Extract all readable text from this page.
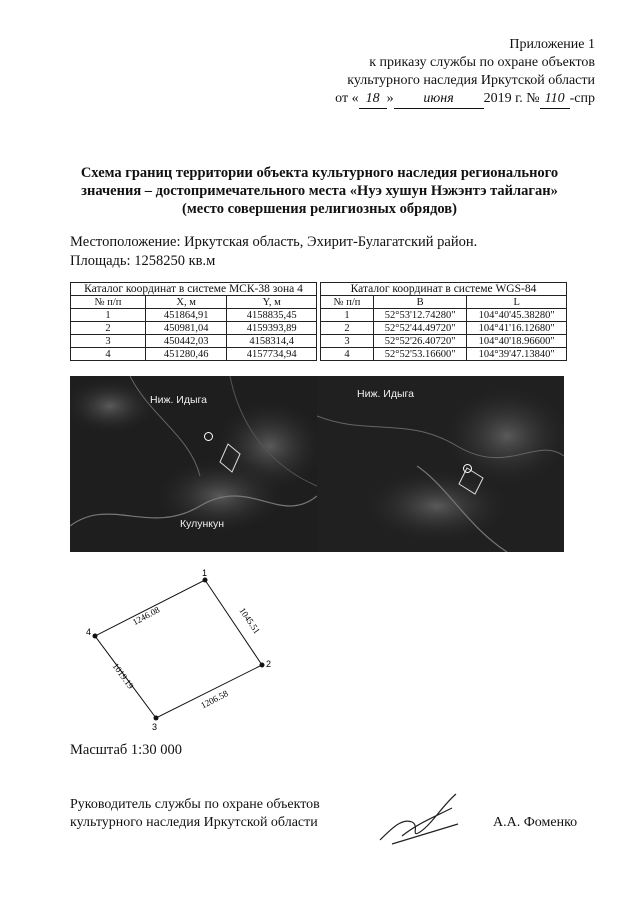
Приложение 1
к приказу службы по охране объектов
культурного наследия Иркутской области
от « 18 » июня 2019 г. № 110 -спр
Схема границ территории объекта культурного наследия регионального
значения – достопримечательного места «Нуэ хушун Нэжэнтэ тайлаган»
(место совершения религиозных обрядов)
Местоположение: Иркутская область, Эхирит-Булагатский район.
Площадь: 1258250 кв.м
Каталог координат в системе МСК-38 зона 4		
№ п/п	X, м	Y, м
1	451864,91	4158835,45
2	450981,04	4159393,89
3	450442,03	4158314,4
4	451280,46	4157734,94
Каталог координат в системе WGS-84		
№ п/п	B	L
1	52°53'12.74280"	104°40'45.38280"
2	52°52'44.49720"	104°41'16.12680"
3	52°52'26.40720"	104°40'18.96600"
4	52°52'53.16600"	104°39'47.13840"
Ниж. Идыга
Кулункун
Ниж. Идыга
1
2
3
4
1246.08	1045.51
1206.58
1019.19
Масштаб 1:30 000
Руководитель службы по охране объектов
культурного наследия Иркутской области	А.А. Фоменко
